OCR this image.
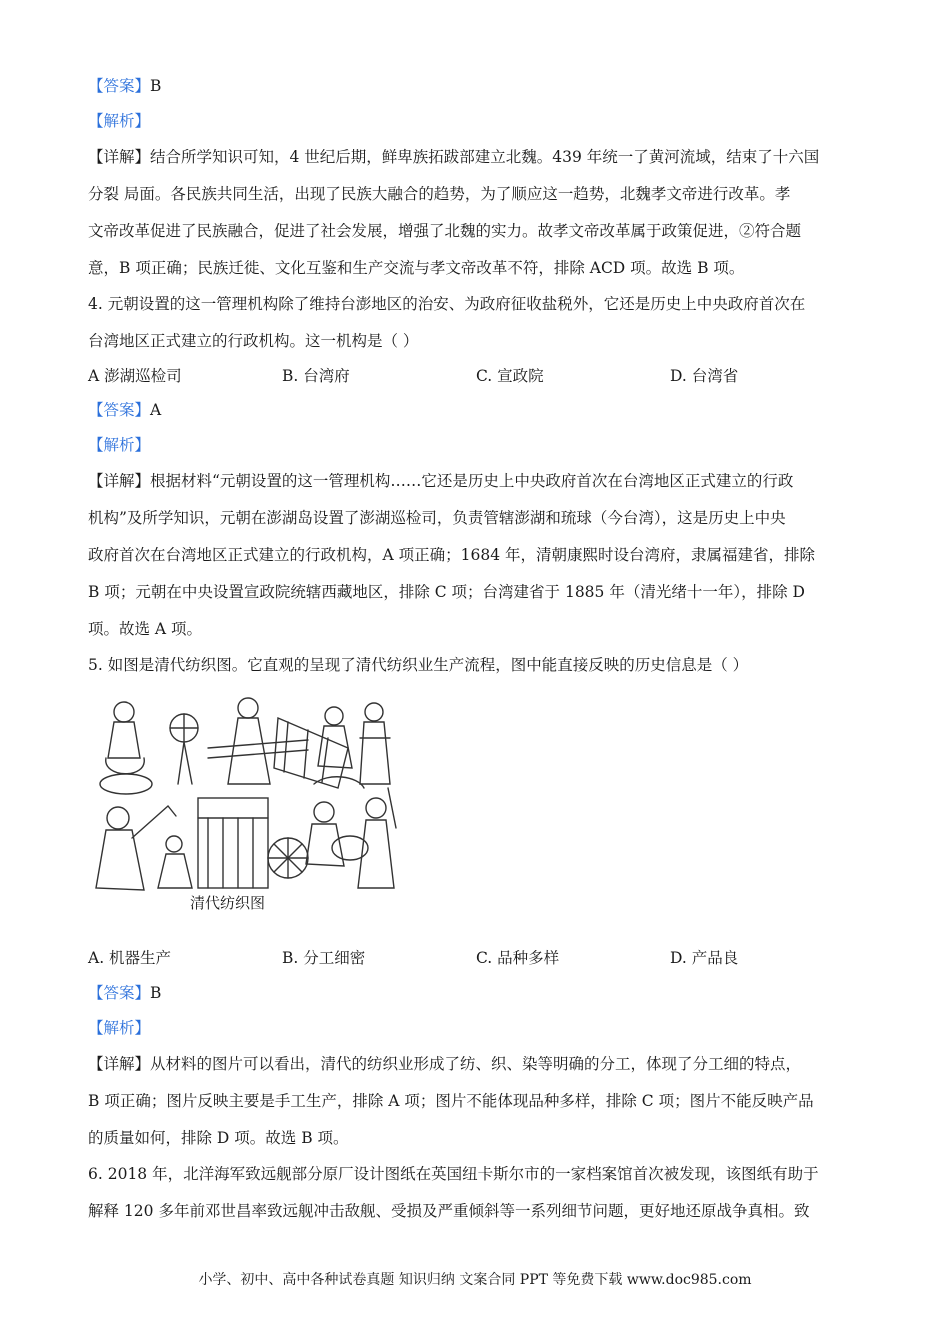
【答案】B
【解析】
【详解】结合所学知识可知，4 世纪后期，鲜卑族拓跋部建立北魏。439 年统一了黄河流域，结束了十六国
分裂 局面。各民族共同生活，出现了民族大融合的趋势，为了顺应这一趋势，北魏孝文帝进行改革。孝
文帝改革促进了民族融合，促进了社会发展，增强了北魏的实力。故孝文帝改革属于政策促进，②符合题
意，B 项正确；民族迁徙、文化互鉴和生产交流与孝文帝改革不符，排除 ACD 项。故选 B 项。
4. 元朝设置的这一管理机构除了维持台澎地区的治安、为政府征收盐税外，它还是历史上中央政府首次在
台湾地区正式建立的行政机构。这一机构是（ ）
A 澎湖巡检司	B. 台湾府	C. 宣政院	D. 台湾省
【答案】A
【解析】
【详解】根据材料“元朝设置的这一管理机构……它还是历史上中央政府首次在台湾地区正式建立的行政
机构”及所学知识，元朝在澎湖岛设置了澎湖巡检司，负责管辖澎湖和琉球（今台湾），这是历史上中央
政府首次在台湾地区正式建立的行政机构，A 项正确；1684 年，清朝康熙时设台湾府，隶属福建省，排除
B 项；元朝在中央设置宣政院统辖西藏地区，排除 C 项；台湾建省于 1885 年（清光绪十一年），排除 D
项。故选 A 项。
5. 如图是清代纺织图。它直观的呈现了清代纺织业生产流程，图中能直接反映的历史信息是（ ）
清代纺织图
A. 机器生产	B. 分工细密	C. 品种多样	D. 产品良
【答案】B
【解析】
【详解】从材料的图片可以看出，清代的纺织业形成了纺、织、染等明确的分工，体现了分工细的特点，
B 项正确；图片反映主要是手工生产，排除 A 项；图片不能体现品种多样，排除 C 项；图片不能反映产品
的质量如何，排除 D 项。故选 B 项。
6. 2018 年，北洋海军致远舰部分原厂设计图纸在英国纽卡斯尔市的一家档案馆首次被发现，该图纸有助于
解释 120 多年前邓世昌率致远舰冲击敌舰、受损及严重倾斜等一系列细节问题，更好地还原战争真相。致
小学、初中、高中各种试卷真题 知识归纳 文案合同 PPT 等免费下载 www.doc985.com
